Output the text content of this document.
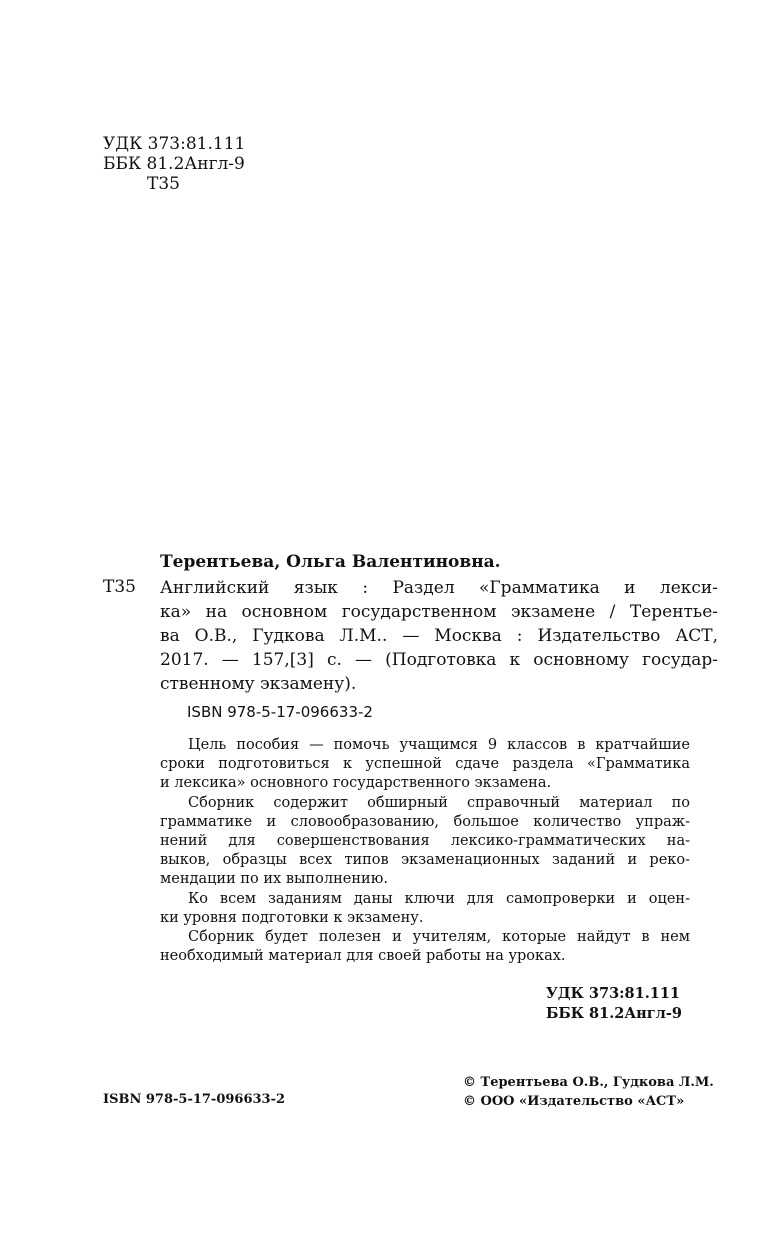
УДК 373:81.111
ББК 81.2Англ-9
Т35
Терентьева, Ольга Валентиновна.
Т35 Английский язык : Раздел «Грамматика и лекси-
ка» на основном государственном экзамене / Терентье-
ва О.В., Гудкова Л.М.. — Москва : Издательство АСТ,
2017. — 157,[3] с. — (Подготовка к основному государ-
ственному экзамену).
ISBN 978-5-17-096633-2
Цель пособия — помочь учащимся 9 классов в кратчайшие
сроки подготовиться к успешной сдаче раздела «Грамматика
и лексика» основного государственного экзамена.
Сборник содержит обширный справочный материал по
грамматике и словообразованию, большое количество упраж-
нений для совершенствования лексико-грамматических на-
выков, образцы всех типов экзаменационных заданий и реко-
мендации по их выполнению.
Ко всем заданиям даны ключи для самопроверки и оцен-
ки уровня подготовки к экзамену.
Сборник будет полезен и учителям, которые найдут в нем
необходимый материал для своей работы на уроках.
УДК 373:81.111
ББК 81.2Англ-9
© Терентьева О.В., Гудкова Л.М.
© ООО «Издательство «АСТ»
ISBN 978-5-17-096633-2
